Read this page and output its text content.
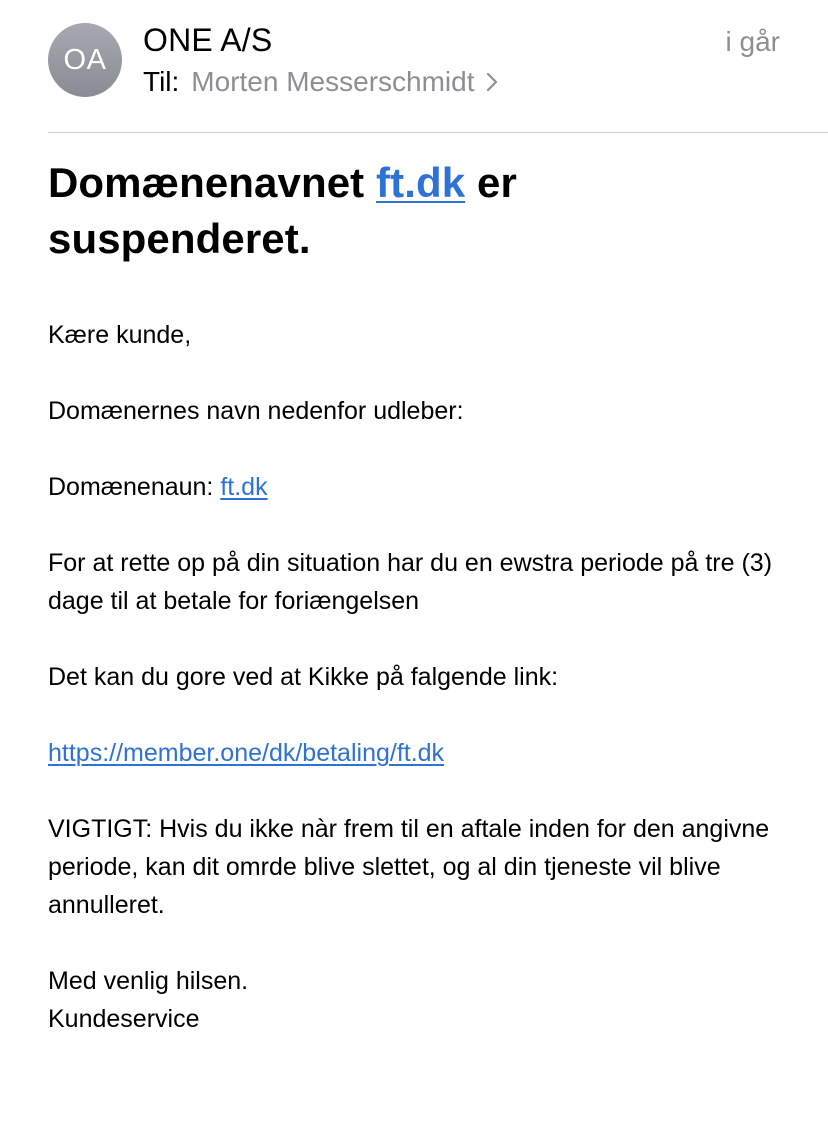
OA
ONE A/S
Til: Morten Messerschmidt
i går
Domænenavnet ft.dk er
suspenderet.

Kære kunde,

Domænernes navn nedenfor udleber:

Domænenaun: ft.dk

For at rette op på din situation har du en ewstra periode på tre (3) dage til at betale for foriængelsen

Det kan du gore ved at Kikke på falgende link:

https://member.one/dk/betaling/ft.dk

VIGTIGT: Hvis du ikke nàr frem til en aftale inden for den angivne periode, kan dit omrde blive slettet, og al din tjeneste vil blive annulleret.

Med venlig hilsen.
Kundeservice
